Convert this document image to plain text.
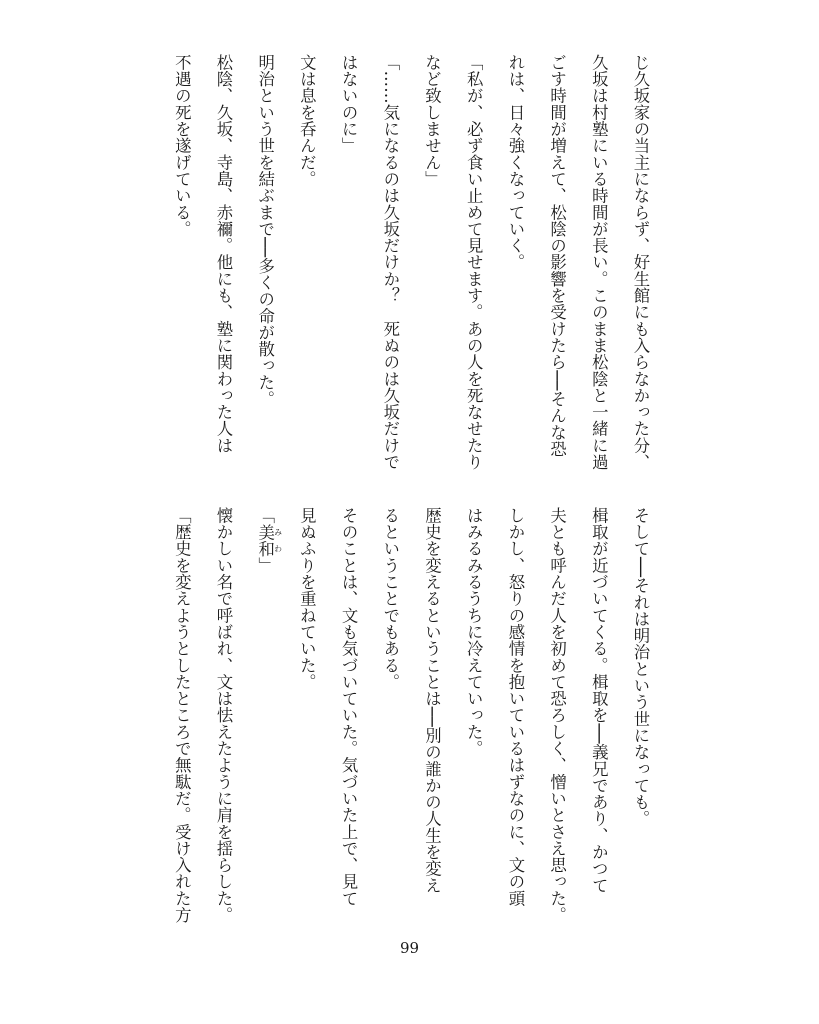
じ久坂家の当主にならず、好生館にも入らなかった分、
久坂は村塾にいる時間が長い。このまま松陰と一緒に過
ごす時間が増えて、松陰の影響を受けたら──そんな恐
れは、日々強くなっていく。
「私が、必ず食い止めて見せます。あの人を死なせたり
など致しません」
「……気になるのは久坂だけか？　死ぬのは久坂だけで
はないのに」
文は息を呑んだ。
明治という世を結ぶまで──多くの命が散った。
松陰、久坂、寺島、赤禰。他にも、塾に関わった人は
不遇の死を遂げている。
そして──それは明治という世になっても。
楫取が近づいてくる。楫取を──義兄であり、かつて
夫とも呼んだ人を初めて恐ろしく、憎いとさえ思った。
しかし、怒りの感情を抱いているはずなのに、文の頭
はみるみるうちに冷えていった。
歴史を変えるということは──別の誰かの人生を変え
るということでもある。
そのことは、文も気づいていた。気づいた上で、見て
見ぬふりを重ねていた。
「美和 みわ」
懐かしい名で呼ばれ、文は怯えたように肩を揺らした。
「歴史を変えようとしたところで無駄だ。受け入れた方
99
